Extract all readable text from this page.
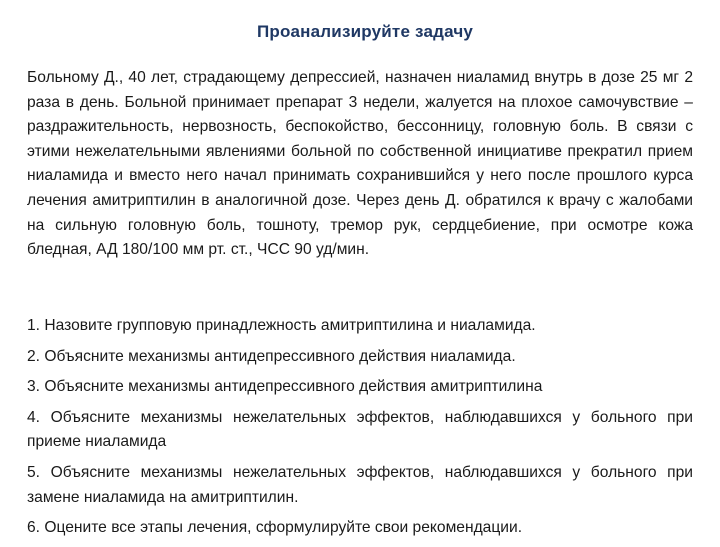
Проанализируйте задачу
Больному Д., 40 лет, страдающему депрессией, назначен ниаламид внутрь в дозе 25 мг 2 раза в день. Больной принимает препарат 3 недели, жалуется на плохое самочувствие – раздражительность, нервозность, беспокойство, бессонницу, головную боль. В связи с этими нежелательными явлениями больной по собственной инициативе прекратил прием ниаламида и вместо него начал принимать сохранившийся у него после прошлого курса лечения амитриптилин в аналогичной дозе. Через день Д. обратился к врачу с жалобами на сильную головную боль, тошноту, тремор рук, сердцебиение, при осмотре кожа бледная, АД 180/100 мм рт. ст., ЧСС 90 уд/мин.
1. Назовите групповую принадлежность амитриптилина и ниаламида.
2. Объясните механизмы антидепрессивного действия ниаламида.
3. Объясните механизмы антидепрессивного действия амитриптилина
4. Объясните механизмы нежелательных эффектов, наблюдавшихся у больного при приеме ниаламида
5. Объясните механизмы нежелательных эффектов, наблюдавшихся у больного при замене ниаламида на амитриптилин.
6. Оцените все этапы лечения, сформулируйте свои рекомендации.
